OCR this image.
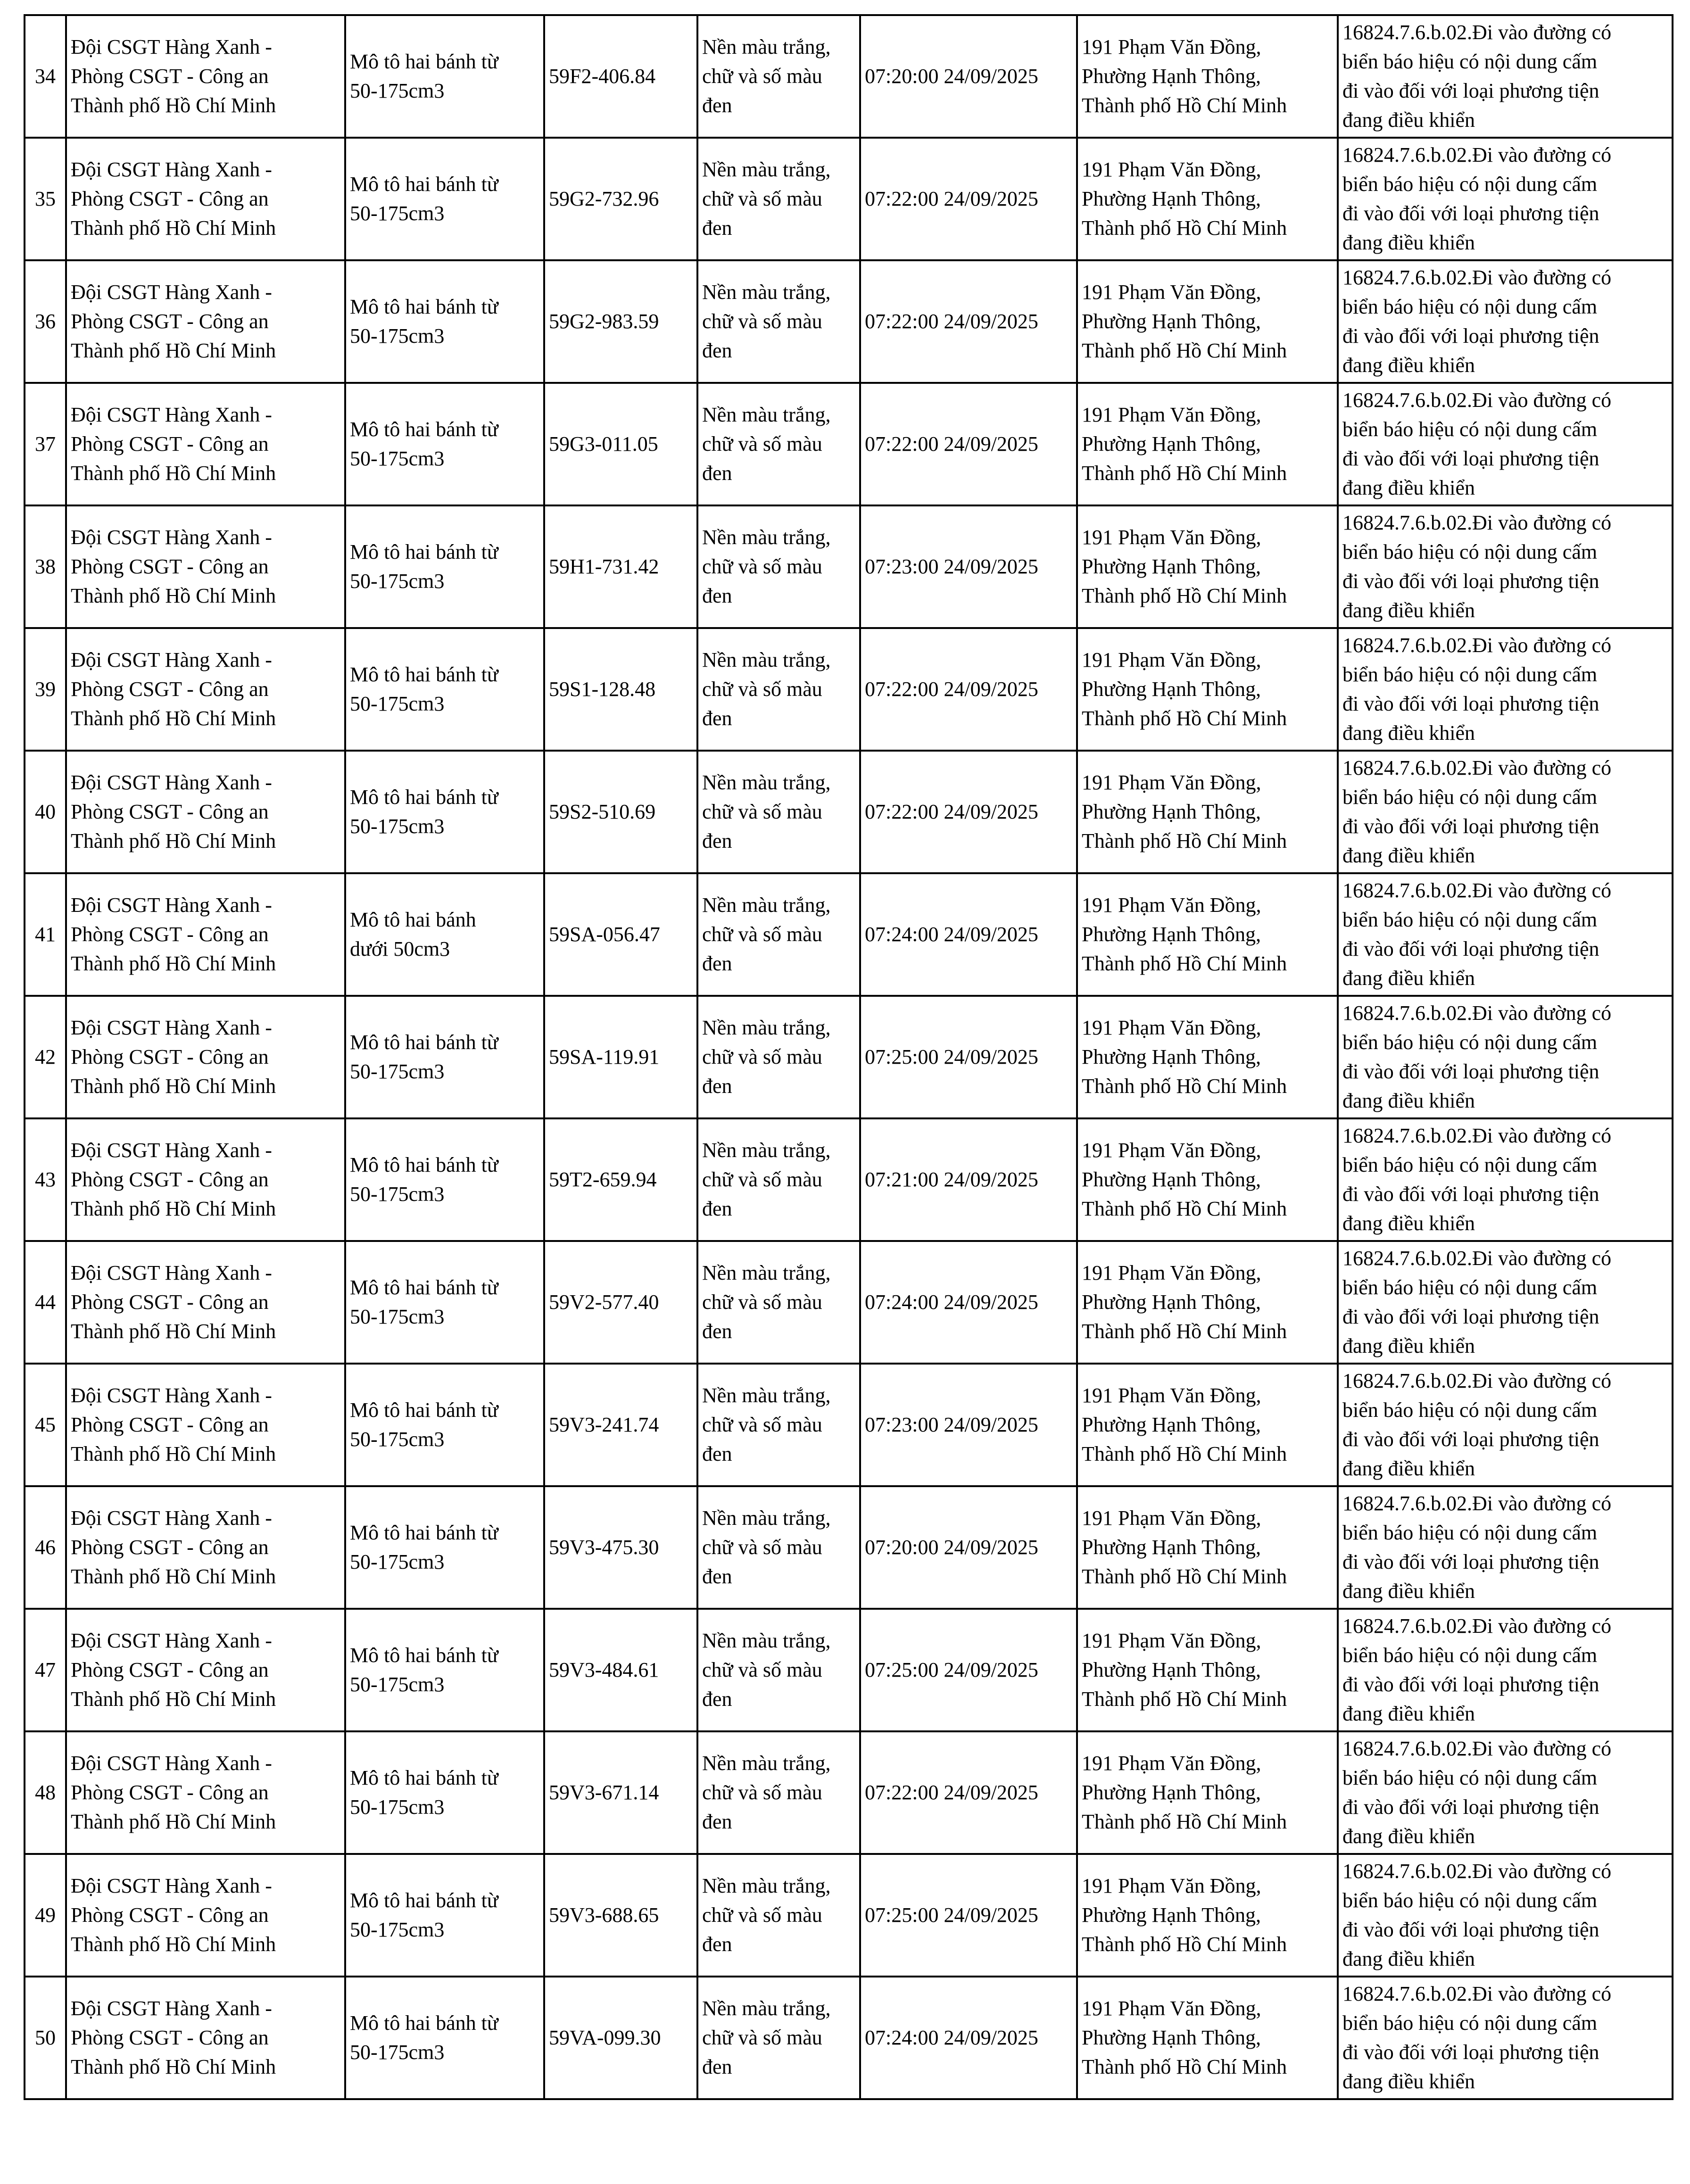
34	Đội CSGT Hàng Xanh -
Phòng CSGT - Công an
Thành phố Hồ Chí Minh	Mô tô hai bánh từ
50-175cm3	59F2-406.84	Nền màu trắng,
chữ và số màu
đen	07:20:00 24/09/2025	191 Phạm Văn Đồng,
Phường Hạnh Thông,
Thành phố Hồ Chí Minh	16824.7.6.b.02.Đi vào đường có
biển báo hiệu có nội dung cấm
đi vào đối với loại phương tiện
đang điều khiển
35	Đội CSGT Hàng Xanh -
Phòng CSGT - Công an
Thành phố Hồ Chí Minh	Mô tô hai bánh từ
50-175cm3	59G2-732.96	Nền màu trắng,
chữ và số màu
đen	07:22:00 24/09/2025	191 Phạm Văn Đồng,
Phường Hạnh Thông,
Thành phố Hồ Chí Minh	16824.7.6.b.02.Đi vào đường có
biển báo hiệu có nội dung cấm
đi vào đối với loại phương tiện
đang điều khiển
36	Đội CSGT Hàng Xanh -
Phòng CSGT - Công an
Thành phố Hồ Chí Minh	Mô tô hai bánh từ
50-175cm3	59G2-983.59	Nền màu trắng,
chữ và số màu
đen	07:22:00 24/09/2025	191 Phạm Văn Đồng,
Phường Hạnh Thông,
Thành phố Hồ Chí Minh	16824.7.6.b.02.Đi vào đường có
biển báo hiệu có nội dung cấm
đi vào đối với loại phương tiện
đang điều khiển
37	Đội CSGT Hàng Xanh -
Phòng CSGT - Công an
Thành phố Hồ Chí Minh	Mô tô hai bánh từ
50-175cm3	59G3-011.05	Nền màu trắng,
chữ và số màu
đen	07:22:00 24/09/2025	191 Phạm Văn Đồng,
Phường Hạnh Thông,
Thành phố Hồ Chí Minh	16824.7.6.b.02.Đi vào đường có
biển báo hiệu có nội dung cấm
đi vào đối với loại phương tiện
đang điều khiển
38	Đội CSGT Hàng Xanh -
Phòng CSGT - Công an
Thành phố Hồ Chí Minh	Mô tô hai bánh từ
50-175cm3	59H1-731.42	Nền màu trắng,
chữ và số màu
đen	07:23:00 24/09/2025	191 Phạm Văn Đồng,
Phường Hạnh Thông,
Thành phố Hồ Chí Minh	16824.7.6.b.02.Đi vào đường có
biển báo hiệu có nội dung cấm
đi vào đối với loại phương tiện
đang điều khiển
39	Đội CSGT Hàng Xanh -
Phòng CSGT - Công an
Thành phố Hồ Chí Minh	Mô tô hai bánh từ
50-175cm3	59S1-128.48	Nền màu trắng,
chữ và số màu
đen	07:22:00 24/09/2025	191 Phạm Văn Đồng,
Phường Hạnh Thông,
Thành phố Hồ Chí Minh	16824.7.6.b.02.Đi vào đường có
biển báo hiệu có nội dung cấm
đi vào đối với loại phương tiện
đang điều khiển
40	Đội CSGT Hàng Xanh -
Phòng CSGT - Công an
Thành phố Hồ Chí Minh	Mô tô hai bánh từ
50-175cm3	59S2-510.69	Nền màu trắng,
chữ và số màu
đen	07:22:00 24/09/2025	191 Phạm Văn Đồng,
Phường Hạnh Thông,
Thành phố Hồ Chí Minh	16824.7.6.b.02.Đi vào đường có
biển báo hiệu có nội dung cấm
đi vào đối với loại phương tiện
đang điều khiển
41	Đội CSGT Hàng Xanh -
Phòng CSGT - Công an
Thành phố Hồ Chí Minh	Mô tô hai bánh
dưới 50cm3	59SA-056.47	Nền màu trắng,
chữ và số màu
đen	07:24:00 24/09/2025	191 Phạm Văn Đồng,
Phường Hạnh Thông,
Thành phố Hồ Chí Minh	16824.7.6.b.02.Đi vào đường có
biển báo hiệu có nội dung cấm
đi vào đối với loại phương tiện
đang điều khiển
42	Đội CSGT Hàng Xanh -
Phòng CSGT - Công an
Thành phố Hồ Chí Minh	Mô tô hai bánh từ
50-175cm3	59SA-119.91	Nền màu trắng,
chữ và số màu
đen	07:25:00 24/09/2025	191 Phạm Văn Đồng,
Phường Hạnh Thông,
Thành phố Hồ Chí Minh	16824.7.6.b.02.Đi vào đường có
biển báo hiệu có nội dung cấm
đi vào đối với loại phương tiện
đang điều khiển
43	Đội CSGT Hàng Xanh -
Phòng CSGT - Công an
Thành phố Hồ Chí Minh	Mô tô hai bánh từ
50-175cm3	59T2-659.94	Nền màu trắng,
chữ và số màu
đen	07:21:00 24/09/2025	191 Phạm Văn Đồng,
Phường Hạnh Thông,
Thành phố Hồ Chí Minh	16824.7.6.b.02.Đi vào đường có
biển báo hiệu có nội dung cấm
đi vào đối với loại phương tiện
đang điều khiển
44	Đội CSGT Hàng Xanh -
Phòng CSGT - Công an
Thành phố Hồ Chí Minh	Mô tô hai bánh từ
50-175cm3	59V2-577.40	Nền màu trắng,
chữ và số màu
đen	07:24:00 24/09/2025	191 Phạm Văn Đồng,
Phường Hạnh Thông,
Thành phố Hồ Chí Minh	16824.7.6.b.02.Đi vào đường có
biển báo hiệu có nội dung cấm
đi vào đối với loại phương tiện
đang điều khiển
45	Đội CSGT Hàng Xanh -
Phòng CSGT - Công an
Thành phố Hồ Chí Minh	Mô tô hai bánh từ
50-175cm3	59V3-241.74	Nền màu trắng,
chữ và số màu
đen	07:23:00 24/09/2025	191 Phạm Văn Đồng,
Phường Hạnh Thông,
Thành phố Hồ Chí Minh	16824.7.6.b.02.Đi vào đường có
biển báo hiệu có nội dung cấm
đi vào đối với loại phương tiện
đang điều khiển
46	Đội CSGT Hàng Xanh -
Phòng CSGT - Công an
Thành phố Hồ Chí Minh	Mô tô hai bánh từ
50-175cm3	59V3-475.30	Nền màu trắng,
chữ và số màu
đen	07:20:00 24/09/2025	191 Phạm Văn Đồng,
Phường Hạnh Thông,
Thành phố Hồ Chí Minh	16824.7.6.b.02.Đi vào đường có
biển báo hiệu có nội dung cấm
đi vào đối với loại phương tiện
đang điều khiển
47	Đội CSGT Hàng Xanh -
Phòng CSGT - Công an
Thành phố Hồ Chí Minh	Mô tô hai bánh từ
50-175cm3	59V3-484.61	Nền màu trắng,
chữ và số màu
đen	07:25:00 24/09/2025	191 Phạm Văn Đồng,
Phường Hạnh Thông,
Thành phố Hồ Chí Minh	16824.7.6.b.02.Đi vào đường có
biển báo hiệu có nội dung cấm
đi vào đối với loại phương tiện
đang điều khiển
48	Đội CSGT Hàng Xanh -
Phòng CSGT - Công an
Thành phố Hồ Chí Minh	Mô tô hai bánh từ
50-175cm3	59V3-671.14	Nền màu trắng,
chữ và số màu
đen	07:22:00 24/09/2025	191 Phạm Văn Đồng,
Phường Hạnh Thông,
Thành phố Hồ Chí Minh	16824.7.6.b.02.Đi vào đường có
biển báo hiệu có nội dung cấm
đi vào đối với loại phương tiện
đang điều khiển
49	Đội CSGT Hàng Xanh -
Phòng CSGT - Công an
Thành phố Hồ Chí Minh	Mô tô hai bánh từ
50-175cm3	59V3-688.65	Nền màu trắng,
chữ và số màu
đen	07:25:00 24/09/2025	191 Phạm Văn Đồng,
Phường Hạnh Thông,
Thành phố Hồ Chí Minh	16824.7.6.b.02.Đi vào đường có
biển báo hiệu có nội dung cấm
đi vào đối với loại phương tiện
đang điều khiển
50	Đội CSGT Hàng Xanh -
Phòng CSGT - Công an
Thành phố Hồ Chí Minh	Mô tô hai bánh từ
50-175cm3	59VA-099.30	Nền màu trắng,
chữ và số màu
đen	07:24:00 24/09/2025	191 Phạm Văn Đồng,
Phường Hạnh Thông,
Thành phố Hồ Chí Minh	16824.7.6.b.02.Đi vào đường có
biển báo hiệu có nội dung cấm
đi vào đối với loại phương tiện
đang điều khiển
